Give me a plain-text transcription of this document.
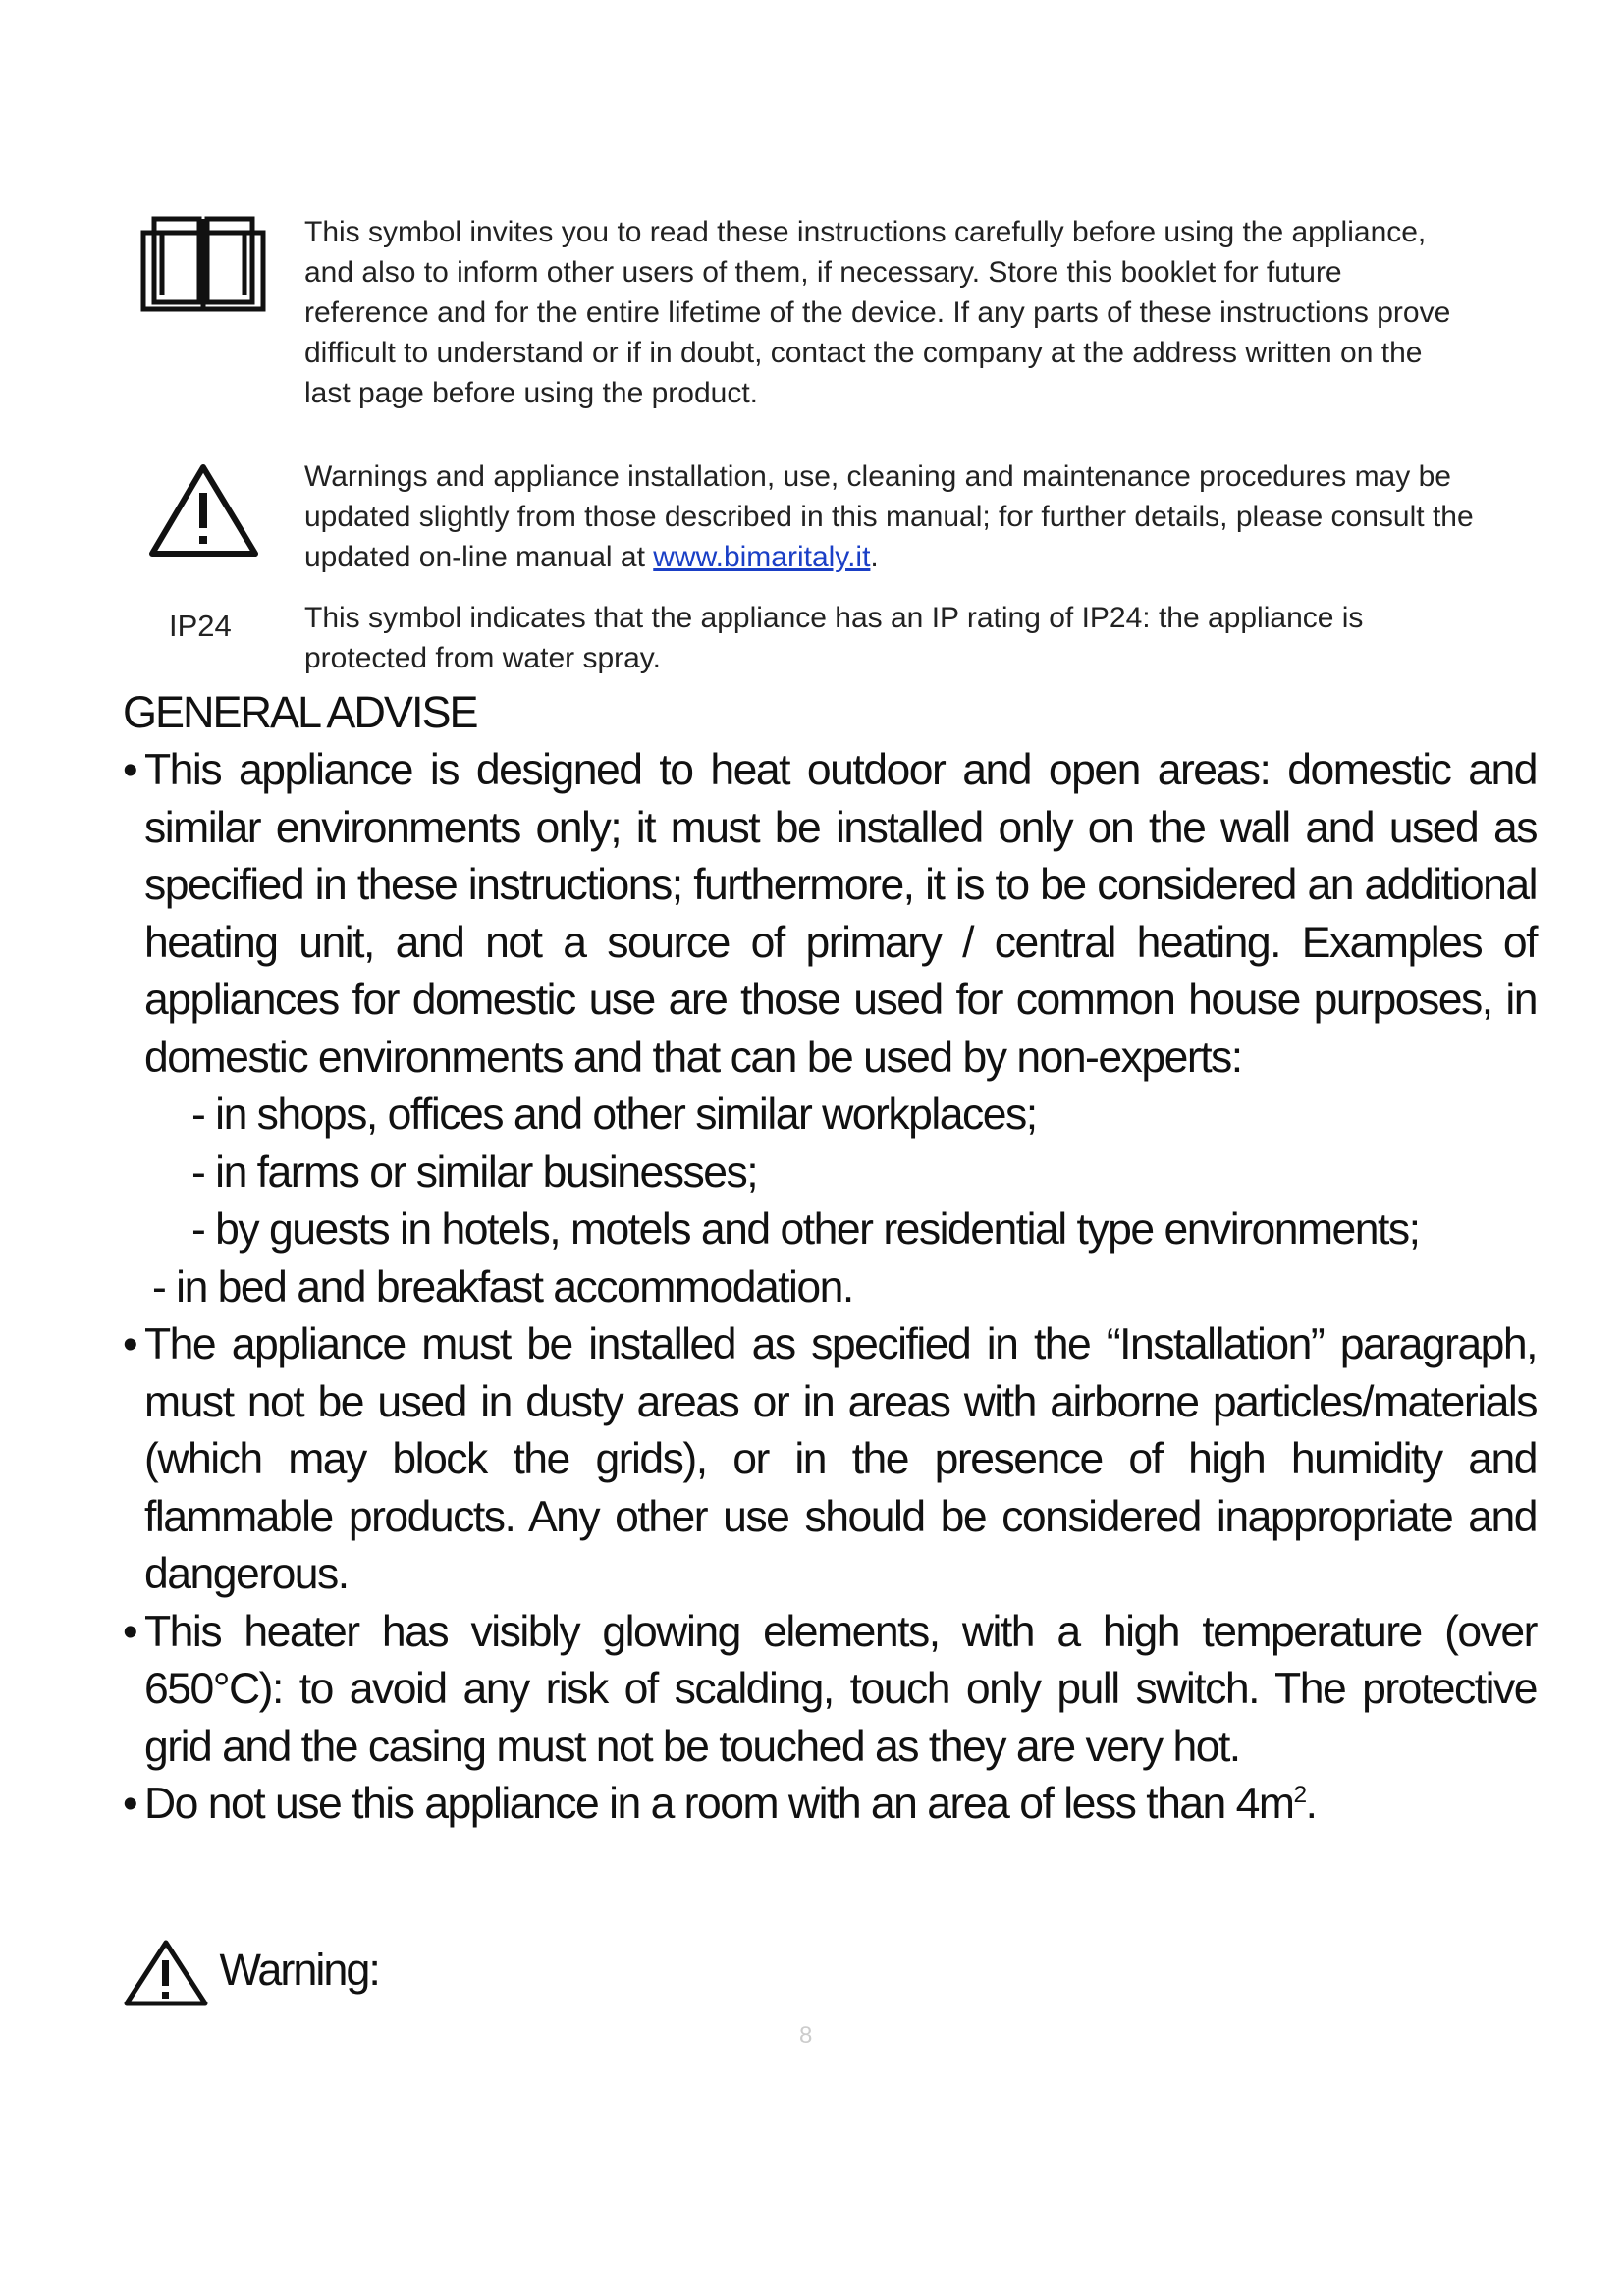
This symbol invites you to read these instructions carefully before using the appliance, and also to inform other users of them, if necessary. Store this booklet for future reference and for the entire lifetime of the device. If any parts of these instructions prove difficult to understand or if in doubt, contact the company at the address written on the last page before using the product.
Warnings and appliance installation, use, cleaning and maintenance procedures may be updated slightly from those described in this manual; for further details, please consult the updated on-line manual at www.bimaritaly.it.
IP24 This symbol indicates that the appliance has an IP rating of IP24: the appliance is protected from water spray.
GENERAL ADVISE
• This appliance is designed to heat outdoor and open areas: domestic and similar environments only; it must be installed only on the wall and used as specified in these instructions; furthermore, it is to be considered an additional heating unit, and not a source of primary / central heating. Examples of appliances for domestic use are those used for common house purposes, in domestic environments and that can be used by non-experts:
- in shops, offices and other similar workplaces;
- in farms or similar businesses;
- by guests in hotels, motels and other residential type environments;
- in bed and breakfast accommodation.
• The appliance must be installed as specified in the “Installation” paragraph, must not be used in dusty areas or in areas with airborne particles/materials (which may block the grids), or in the presence of high humidity and flammable products. Any other use should be considered inappropriate and dangerous.
• This heater has visibly glowing elements, with a high temperature (over 650°C): to avoid any risk of scalding, touch only pull switch. The protective grid and the casing must not be touched as they are very hot.
• Do not use this appliance in a room with an area of less than $4m^2$.
Warning:
8
